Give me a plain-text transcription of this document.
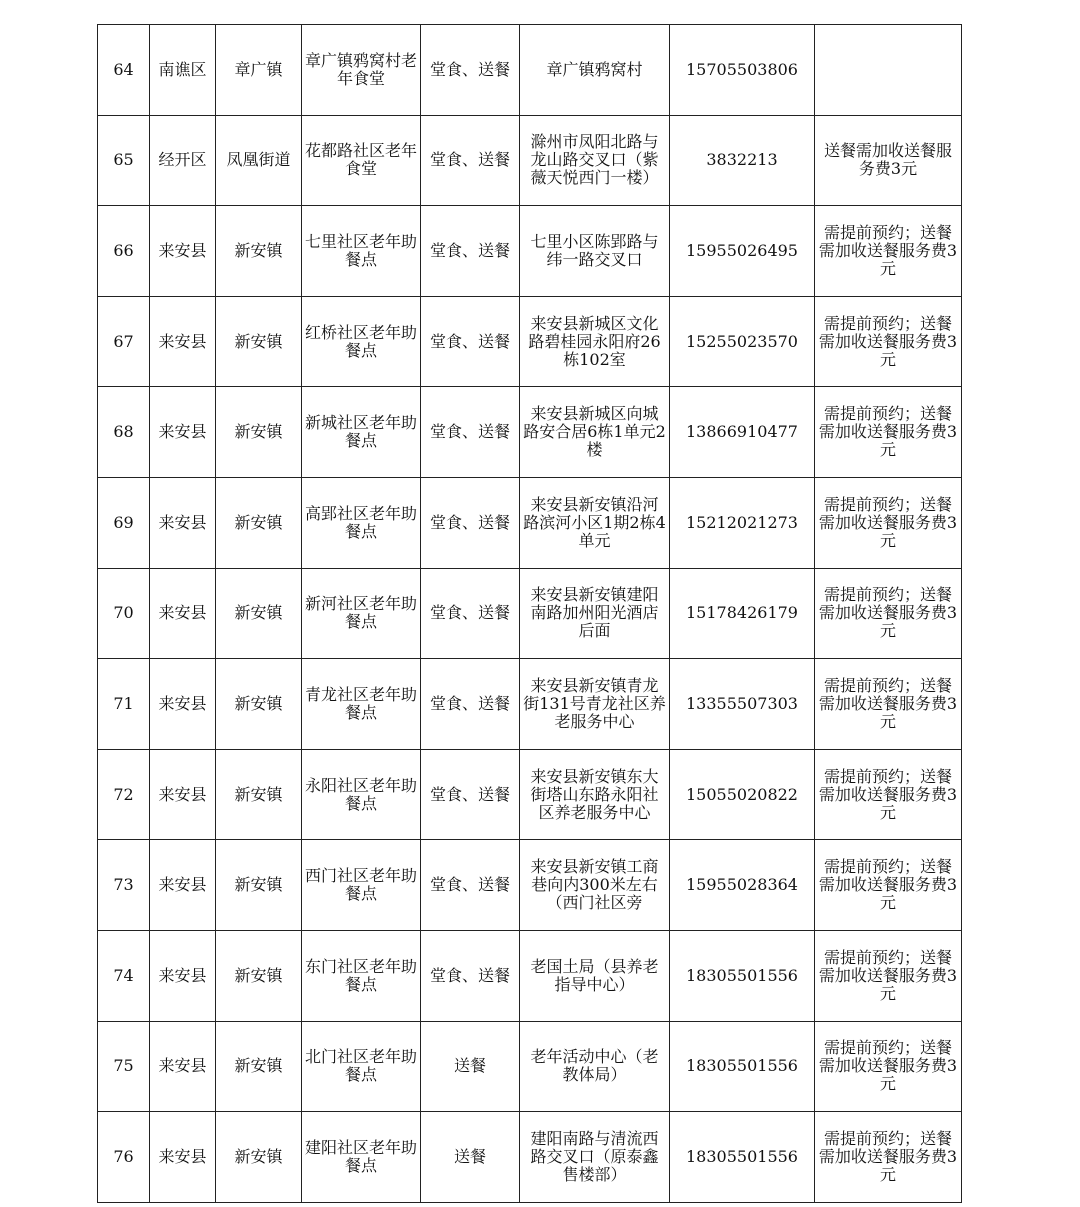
64	南谯区	章广镇	章广镇鸦窝村老年食堂	堂食、送餐	章广镇鸦窝村	15705503806	
65	经开区	凤凰街道	花都路社区老年食堂	堂食、送餐	滁州市凤阳北路与龙山路交叉口（紫薇天悦西门一楼）	3832213	送餐需加收送餐服务费3元
66	来安县	新安镇	七里社区老年助餐点	堂食、送餐	七里小区陈郢路与纬一路交叉口	15955026495	需提前预约；送餐需加收送餐服务费3元
67	来安县	新安镇	红桥社区老年助餐点	堂食、送餐	来安县新城区文化路碧桂园永阳府26栋102室	15255023570	需提前预约；送餐需加收送餐服务费3元
68	来安县	新安镇	新城社区老年助餐点	堂食、送餐	来安县新城区向城路安合居6栋1单元2楼	13866910477	需提前预约；送餐需加收送餐服务费3元
69	来安县	新安镇	高郢社区老年助餐点	堂食、送餐	来安县新安镇沿河路滨河小区1期2栋4单元	15212021273	需提前预约；送餐需加收送餐服务费3元
70	来安县	新安镇	新河社区老年助餐点	堂食、送餐	来安县新安镇建阳南路加州阳光酒店后面	15178426179	需提前预约；送餐需加收送餐服务费3元
71	来安县	新安镇	青龙社区老年助餐点	堂食、送餐	来安县新安镇青龙街131号青龙社区养老服务中心	13355507303	需提前预约；送餐需加收送餐服务费3元
72	来安县	新安镇	永阳社区老年助餐点	堂食、送餐	来安县新安镇东大街塔山东路永阳社区养老服务中心	15055020822	需提前预约；送餐需加收送餐服务费3元
73	来安县	新安镇	西门社区老年助餐点	堂食、送餐	来安县新安镇工商巷向内300米左右（西门社区旁	15955028364	需提前预约；送餐需加收送餐服务费3元
74	来安县	新安镇	东门社区老年助餐点	堂食、送餐	老国土局（县养老指导中心）	18305501556	需提前预约；送餐需加收送餐服务费3元
75	来安县	新安镇	北门社区老年助餐点	送餐	老年活动中心（老教体局）	18305501556	需提前预约；送餐需加收送餐服务费3元
76	来安县	新安镇	建阳社区老年助餐点	送餐	建阳南路与清流西路交叉口（原泰鑫售楼部）	18305501556	需提前预约；送餐需加收送餐服务费3元
